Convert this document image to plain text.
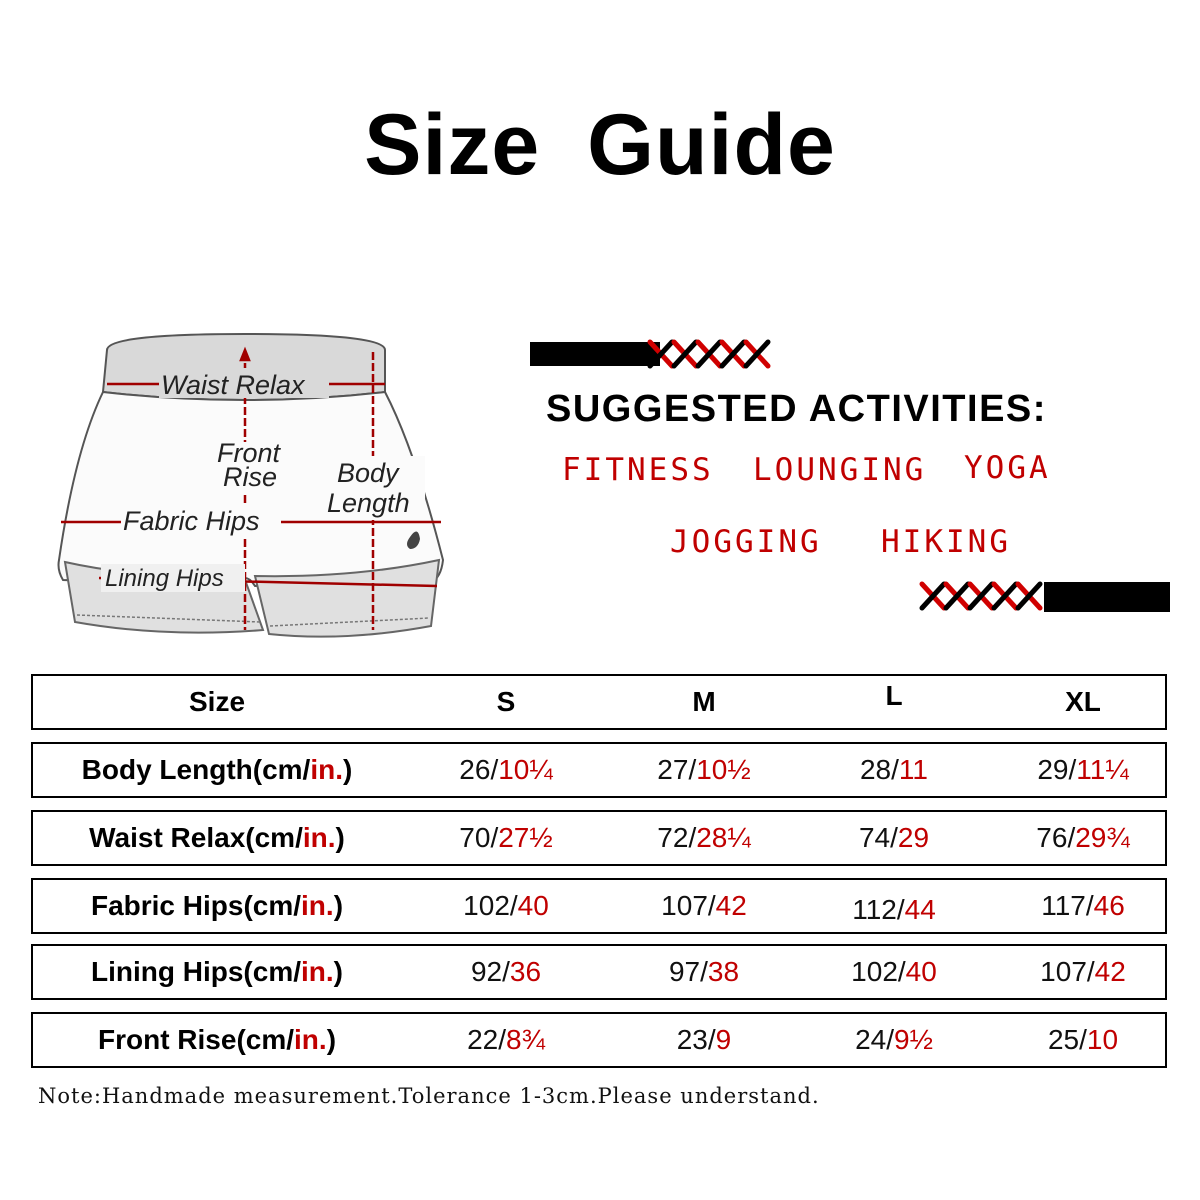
Size Guide
Waist Relax
Front
Rise Body
Length
Fabric Hips
Lining Hips
SUGGESTED ACTIVITIES:
FITNESS LOUNGING YOGA
JOGGING HIKING
Size	S	M	L	XL
Body Length(cm/ in. )	26 / 10¼	27 / 10½	28 / 11	29 / 11¼
Waist Relax(cm/ in. )	70 / 27½	72 / 28¼	74 / 29	76 / 29¾
Fabric Hips(cm/ in. )	102 / 40	107 / 42	112 / 44	117 / 46
Lining Hips(cm/ in. )	92 / 36	97 / 38	102 / 40	107 / 42
Front Rise(cm/ in. )	22 / 8¾	23 / 9	24 / 9½	25 / 10
Note:Handmade measurement.Tolerance 1-3cm.Please understand.
